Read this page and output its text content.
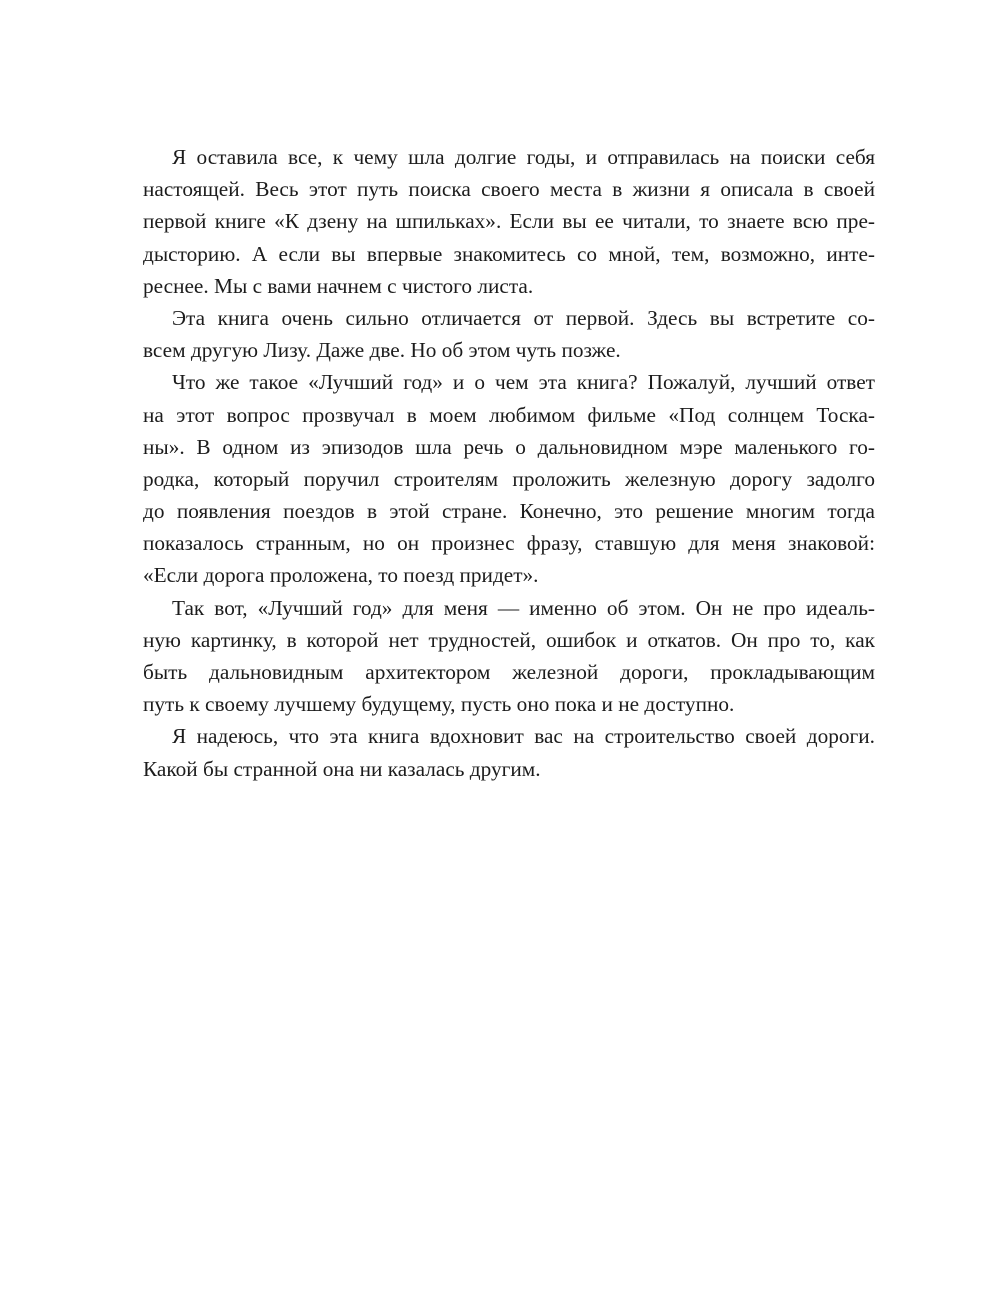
Я оставила все, к чему шла долгие годы, и отправилась на поиски себя
настоящей. Весь этот путь поиска своего места в жизни я описала в своей
первой книге «К дзену на шпильках». Если вы ее читали, то знаете всю пре-
дысторию. А если вы впервые знакомитесь со мной, тем, возможно, инте-
реснее. Мы с вами начнем с чистого листа.
Эта книга очень сильно отличается от первой. Здесь вы встретите со-
всем другую Лизу. Даже две. Но об этом чуть позже.
Что же такое «Лучший год» и о чем эта книга? Пожалуй, лучший ответ
на этот вопрос прозвучал в моем любимом фильме «Под солнцем Тоска-
ны». В одном из эпизодов шла речь о дальновидном мэре маленького го-
родка, который поручил строителям проложить железную дорогу задолго
до появления поездов в этой стране. Конечно, это решение многим тогда
показалось странным, но он произнес фразу, ставшую для меня знаковой:
«Если дорога проложена, то поезд придет».
Так вот, «Лучший год» для меня — именно об этом. Он не про идеаль-
ную картинку, в которой нет трудностей, ошибок и откатов. Он про то, как
быть дальновидным архитектором железной дороги, прокладывающим
путь к своему лучшему будущему, пусть оно пока и не доступно.
Я надеюсь, что эта книга вдохновит вас на строительство своей дороги.
Какой бы странной она ни казалась другим.
